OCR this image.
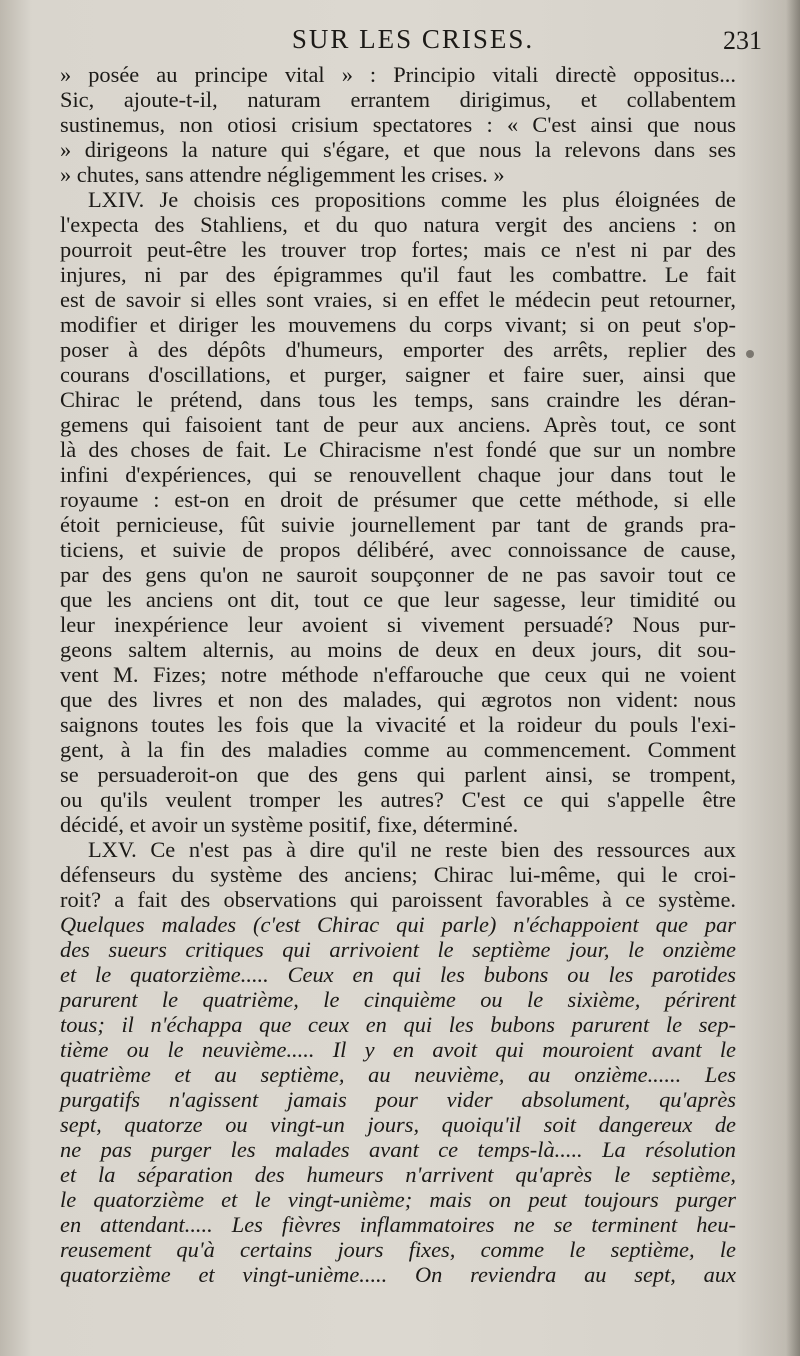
SUR LES CRISES.	231

» posée au principe vital » : Principio vitali directè oppositus...
Sic, ajoute-t-il, naturam errantem dirigimus, et collabentem
sustinemus, non otiosi crisium spectatores : « C'est ainsi que nous
» dirigeons la nature qui s'égare, et que nous la relevons dans ses
» chutes, sans attendre négligemment les crises. »

LXIV. Je choisis ces propositions comme les plus éloignées de
l'expecta des Stahliens, et du quo natura vergit des anciens : on
pourroit peut-être les trouver trop fortes; mais ce n'est ni par des
injures, ni par des épigrammes qu'il faut les combattre. Le fait
est de savoir si elles sont vraies, si en effet le médecin peut retourner,
modifier et diriger les mouvemens du corps vivant; si on peut s'op-
poser à des dépôts d'humeurs, emporter des arrêts, replier des
courans d'oscillations, et purger, saigner et faire suer, ainsi que
Chirac le prétend, dans tous les temps, sans craindre les déran-
gemens qui faisoient tant de peur aux anciens. Après tout, ce sont
là des choses de fait. Le Chiracisme n'est fondé que sur un nombre
infini d'expériences, qui se renouvellent chaque jour dans tout le
royaume : est-on en droit de présumer que cette méthode, si elle
étoit pernicieuse, fût suivie journellement par tant de grands pra-
ticiens, et suivie de propos délibéré, avec connoissance de cause,
par des gens qu'on ne sauroit soupçonner de ne pas savoir tout ce
que les anciens ont dit, tout ce que leur sagesse, leur timidité ou
leur inexpérience leur avoient si vivement persuadé? Nous pur-
geons saltem alternis, au moins de deux en deux jours, dit sou-
vent M. Fizes; notre méthode n'effarouche que ceux qui ne voient
que des livres et non des malades, qui ægrotos non vident: nous
saignons toutes les fois que la vivacité et la roideur du pouls l'exi-
gent, à la fin des maladies comme au commencement. Comment
se persuaderoit-on que des gens qui parlent ainsi, se trompent,
ou qu'ils veulent tromper les autres? C'est ce qui s'appelle être
décidé, et avoir un système positif, fixe, déterminé.

LXV. Ce n'est pas à dire qu'il ne reste bien des ressources aux
défenseurs du système des anciens; Chirac lui-même, qui le croi-
roit? a fait des observations qui paroissent favorables à ce système.
Quelques malades (c'est Chirac qui parle) n'échappoient que par
des sueurs critiques qui arrivoient le septième jour, le onzième
et le quatorzième..... Ceux en qui les bubons ou les parotides
parurent le quatrième, le cinquième ou le sixième, périrent
tous; il n'échappa que ceux en qui les bubons parurent le sep-
tième ou le neuvième..... Il y en avoit qui mouroient avant le
quatrième et au septième, au neuvième, au onzième...... Les
purgatifs n'agissent jamais pour vider absolument, qu'après
sept, quatorze ou vingt-un jours, quoiqu'il soit dangereux de
ne pas purger les malades avant ce temps-là..... La résolution
et la séparation des humeurs n'arrivent qu'après le septième,
le quatorzième et le vingt-unième; mais on peut toujours purger
en attendant..... Les fièvres inflammatoires ne se terminent heu-
reusement qu'à certains jours fixes, comme le septième, le
quatorzième et vingt-unième..... On reviendra au sept, aux
